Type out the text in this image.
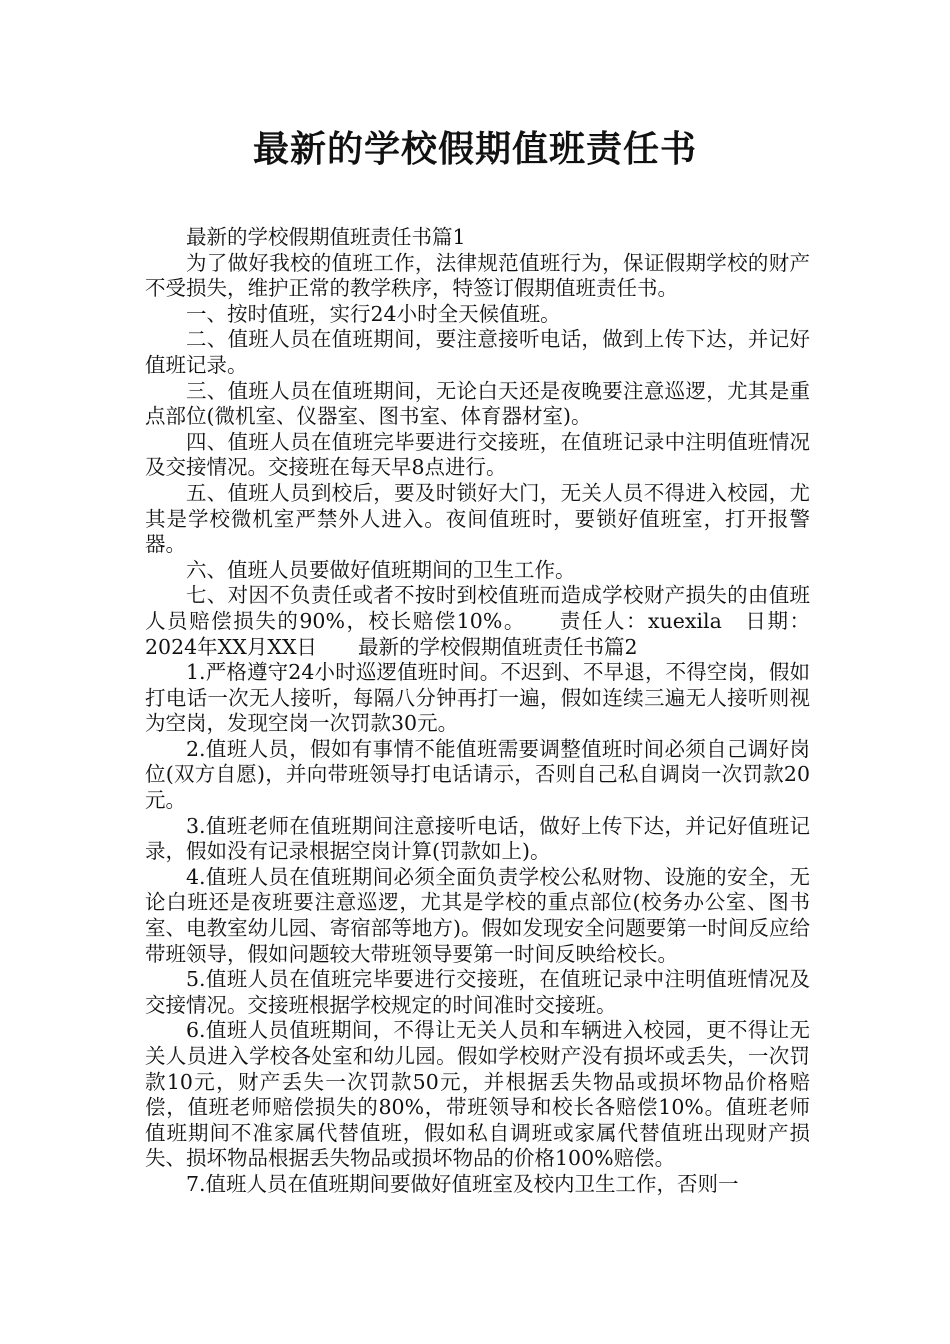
最新的学校假期值班责任书

最新的学校假期值班责任书篇1

为了做好我校的值班工作，法律规范值班行为，保证假期学校的财产不受损失，维护正常的教学秩序，特签订假期值班责任书。

一、按时值班，实行24小时全天候值班。

二、值班人员在值班期间，要注意接听电话，做到上传下达，并记好值班记录。

三、值班人员在值班期间，无论白天还是夜晚要注意巡逻，尤其是重点部位(微机室、仪器室、图书室、体育器材室)。

四、值班人员在值班完毕要进行交接班，在值班记录中注明值班情况及交接情况。交接班在每天早8点进行。

五、值班人员到校后，要及时锁好大门，无关人员不得进入校园，尤其是学校微机室严禁外人进入。夜间值班时，要锁好值班室，打开报警器。

六、值班人员要做好值班期间的卫生工作。

七、对因不负责任或者不按时到校值班而造成学校财产损失的由值班人员赔偿损失的90%，校长赔偿10%。　　责任人：xuexila　日期：2024年XX月XX日　　最新的学校假期值班责任书篇2

1.严格遵守24小时巡逻值班时间。不迟到、不早退，不得空岗，假如打电话一次无人接听，每隔八分钟再打一遍，假如连续三遍无人接听则视为空岗，发现空岗一次罚款30元。

2.值班人员，假如有事情不能值班需要调整值班时间必须自己调好岗位(双方自愿)，并向带班领导打电话请示，否则自己私自调岗一次罚款20元。

3.值班老师在值班期间注意接听电话，做好上传下达，并记好值班记录，假如没有记录根据空岗计算(罚款如上)。

4.值班人员在值班期间必须全面负责学校公私财物、设施的安全，无论白班还是夜班要注意巡逻，尤其是学校的重点部位(校务办公室、图书室、电教室幼儿园、寄宿部等地方)。假如发现安全问题要第一时间反应给带班领导，假如问题较大带班领导要第一时间反映给校长。

5.值班人员在值班完毕要进行交接班，在值班记录中注明值班情况及交接情况。交接班根据学校规定的时间准时交接班。

6.值班人员值班期间，不得让无关人员和车辆进入校园，更不得让无关人员进入学校各处室和幼儿园。假如学校财产没有损坏或丢失，一次罚款10元，财产丢失一次罚款50元，并根据丢失物品或损坏物品价格赔偿，值班老师赔偿损失的80%，带班领导和校长各赔偿10%。值班老师值班期间不准家属代替值班，假如私自调班或家属代替值班出现财产损失、损坏物品根据丢失物品或损坏物品的价格100%赔偿。

7.值班人员在值班期间要做好值班室及校内卫生工作，否则一
